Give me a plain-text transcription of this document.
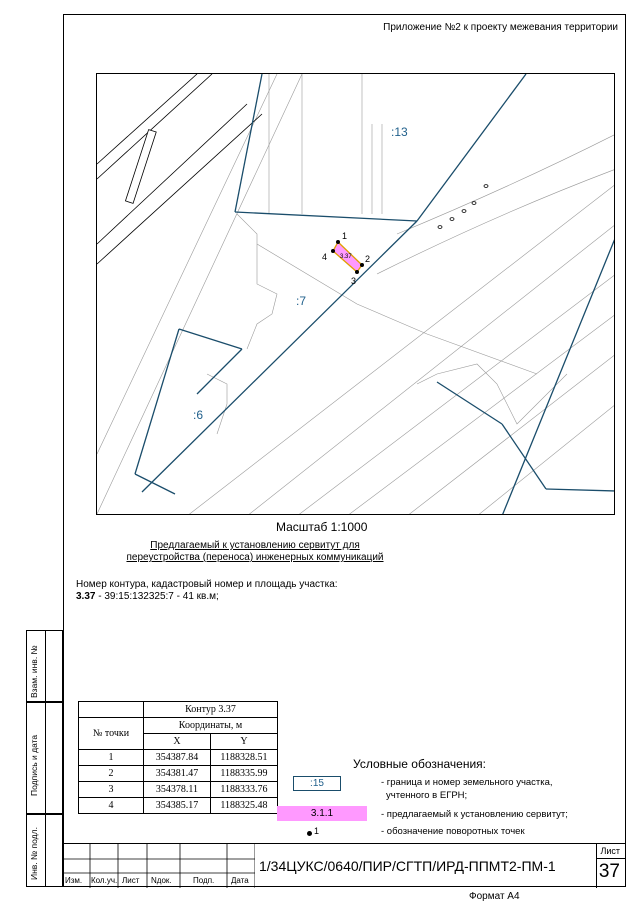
Приложение №2 к проекту межевания территории
:13
:7
:6
3.37
1
2
3
4
Масштаб 1:1000
Предлагаемый к установлению сервитут для
переустройства (переноса) инженерных коммуникаций
Номер контура, кадастровый номер и площадь участка:
3.37 - 39:15:132325:7 - 41 кв.м;
	Контур 3.37	
№ точки	Координаты, м	
	X	Y
1	354387.84	1188328.51
2	354381.47	1188335.99
3	354378.11	1188333.76
4	354385.17	1188325.48
Условные обозначения:
:15	- граница и номер земельного участка,
учтенного в ЕГРН;
3.1.1	- предлагаемый к установлению сервитут;
1	- обозначение поворотных точек
Взам. инв. №
Подпись и дата
Инв. № подл.
Изм. Кол.уч. Лист Nдок.	Подп. Дата
1/34ЦУКС/0640/ПИР/СГТП/ИРД-ППМТ2-ПМ-1
Лист
37
Формат А4
